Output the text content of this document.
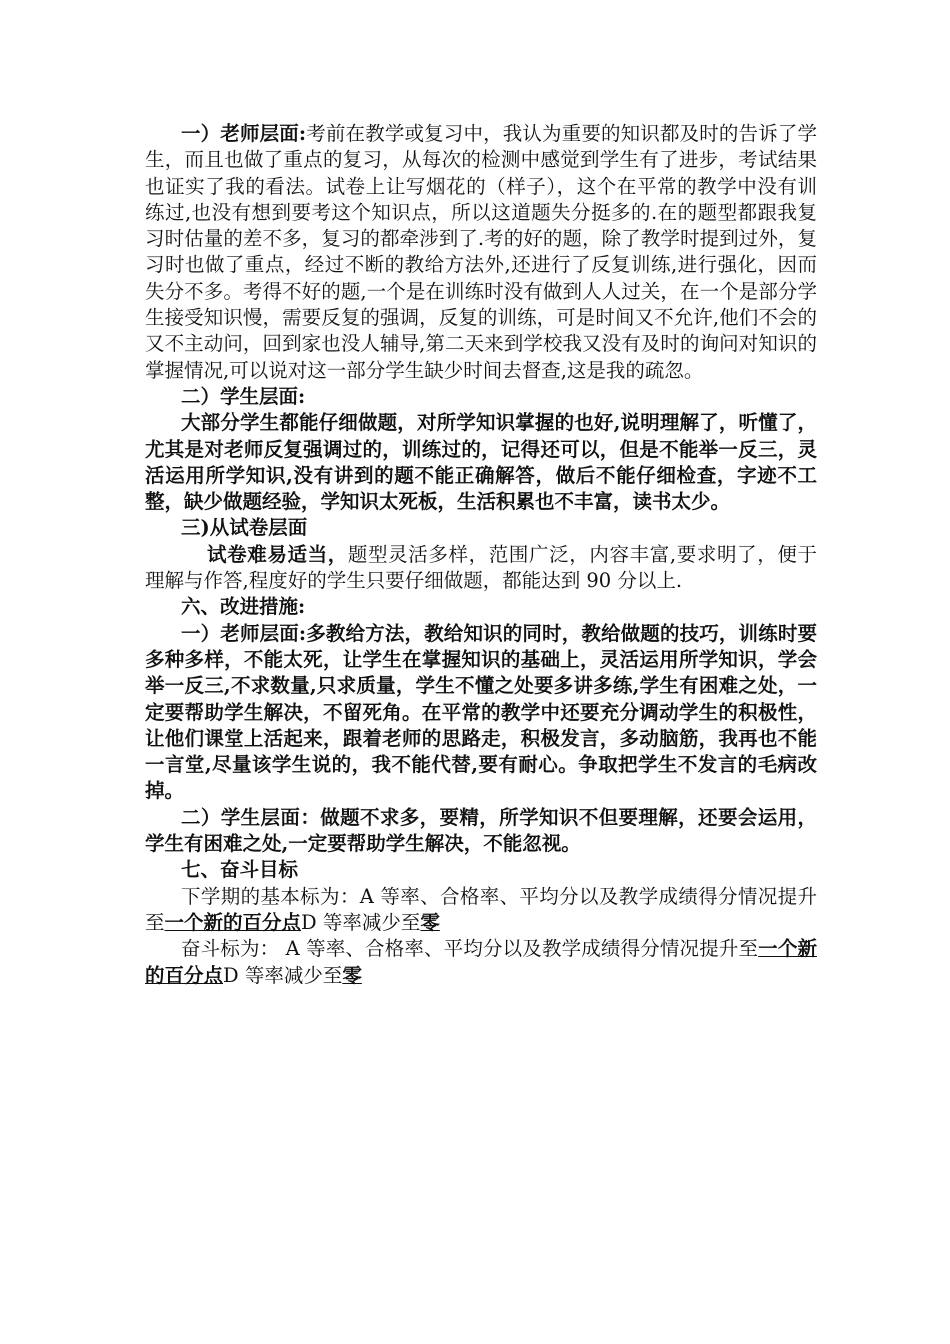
一）老师层面:考前在教学或复习中，我认为重要的知识都及时的告诉了学生，而且也做了重点的复习，从每次的检测中感觉到学生有了进步，考试结果也证实了我的看法。试卷上让写烟花的（样子），这个在平常的教学中没有训练过,也没有想到要考这个知识点，所以这道题失分挺多的.在的题型都跟我复习时估量的差不多，复习的都牵涉到了.考的好的题，除了教学时提到过外，复习时也做了重点，经过不断的教给方法外,还进行了反复训练,进行强化，因而失分不多。考得不好的题,一个是在训练时没有做到人人过关，在一个是部分学生接受知识慢，需要反复的强调，反复的训练，可是时间又不允许,他们不会的又不主动问，回到家也没人辅导,第二天来到学校我又没有及时的询问对知识的掌握情况,可以说对这一部分学生缺少时间去督查,这是我的疏忽。

二）学生层面:

大部分学生都能仔细做题，对所学知识掌握的也好,说明理解了，听懂了，尤其是对老师反复强调过的，训练过的，记得还可以，但是不能举一反三，灵活运用所学知识,没有讲到的题不能正确解答，做后不能仔细检查，字迹不工整，缺少做题经验，学知识太死板，生活积累也不丰富，读书太少。

三)从试卷层面

试卷难易适当，题型灵活多样，范围广泛，内容丰富,要求明了，便于理解与作答,程度好的学生只要仔细做题，都能达到 90 分以上.

六、改进措施:

一）老师层面:多教给方法，教给知识的同时，教给做题的技巧，训练时要多种多样，不能太死，让学生在掌握知识的基础上，灵活运用所学知识，学会举一反三,不求数量,只求质量，学生不懂之处要多讲多练,学生有困难之处，一定要帮助学生解决，不留死角。在平常的教学中还要充分调动学生的积极性，让他们课堂上活起来，跟着老师的思路走，积极发言，多动脑筋，我再也不能一言堂,尽量该学生说的，我不能代替,要有耐心。争取把学生不发言的毛病改掉。

二）学生层面：做题不求多，要精，所学知识不但要理解，还要会运用，学生有困难之处,一定要帮助学生解决，不能忽视。

七、奋斗目标

下学期的基本标为：A 等率、合格率、平均分以及教学成绩得分情况提升至一个新的百分点D 等率减少至零

奋斗标为： A 等率、合格率、平均分以及教学成绩得分情况提升至一个新的百分点D 等率减少至零
